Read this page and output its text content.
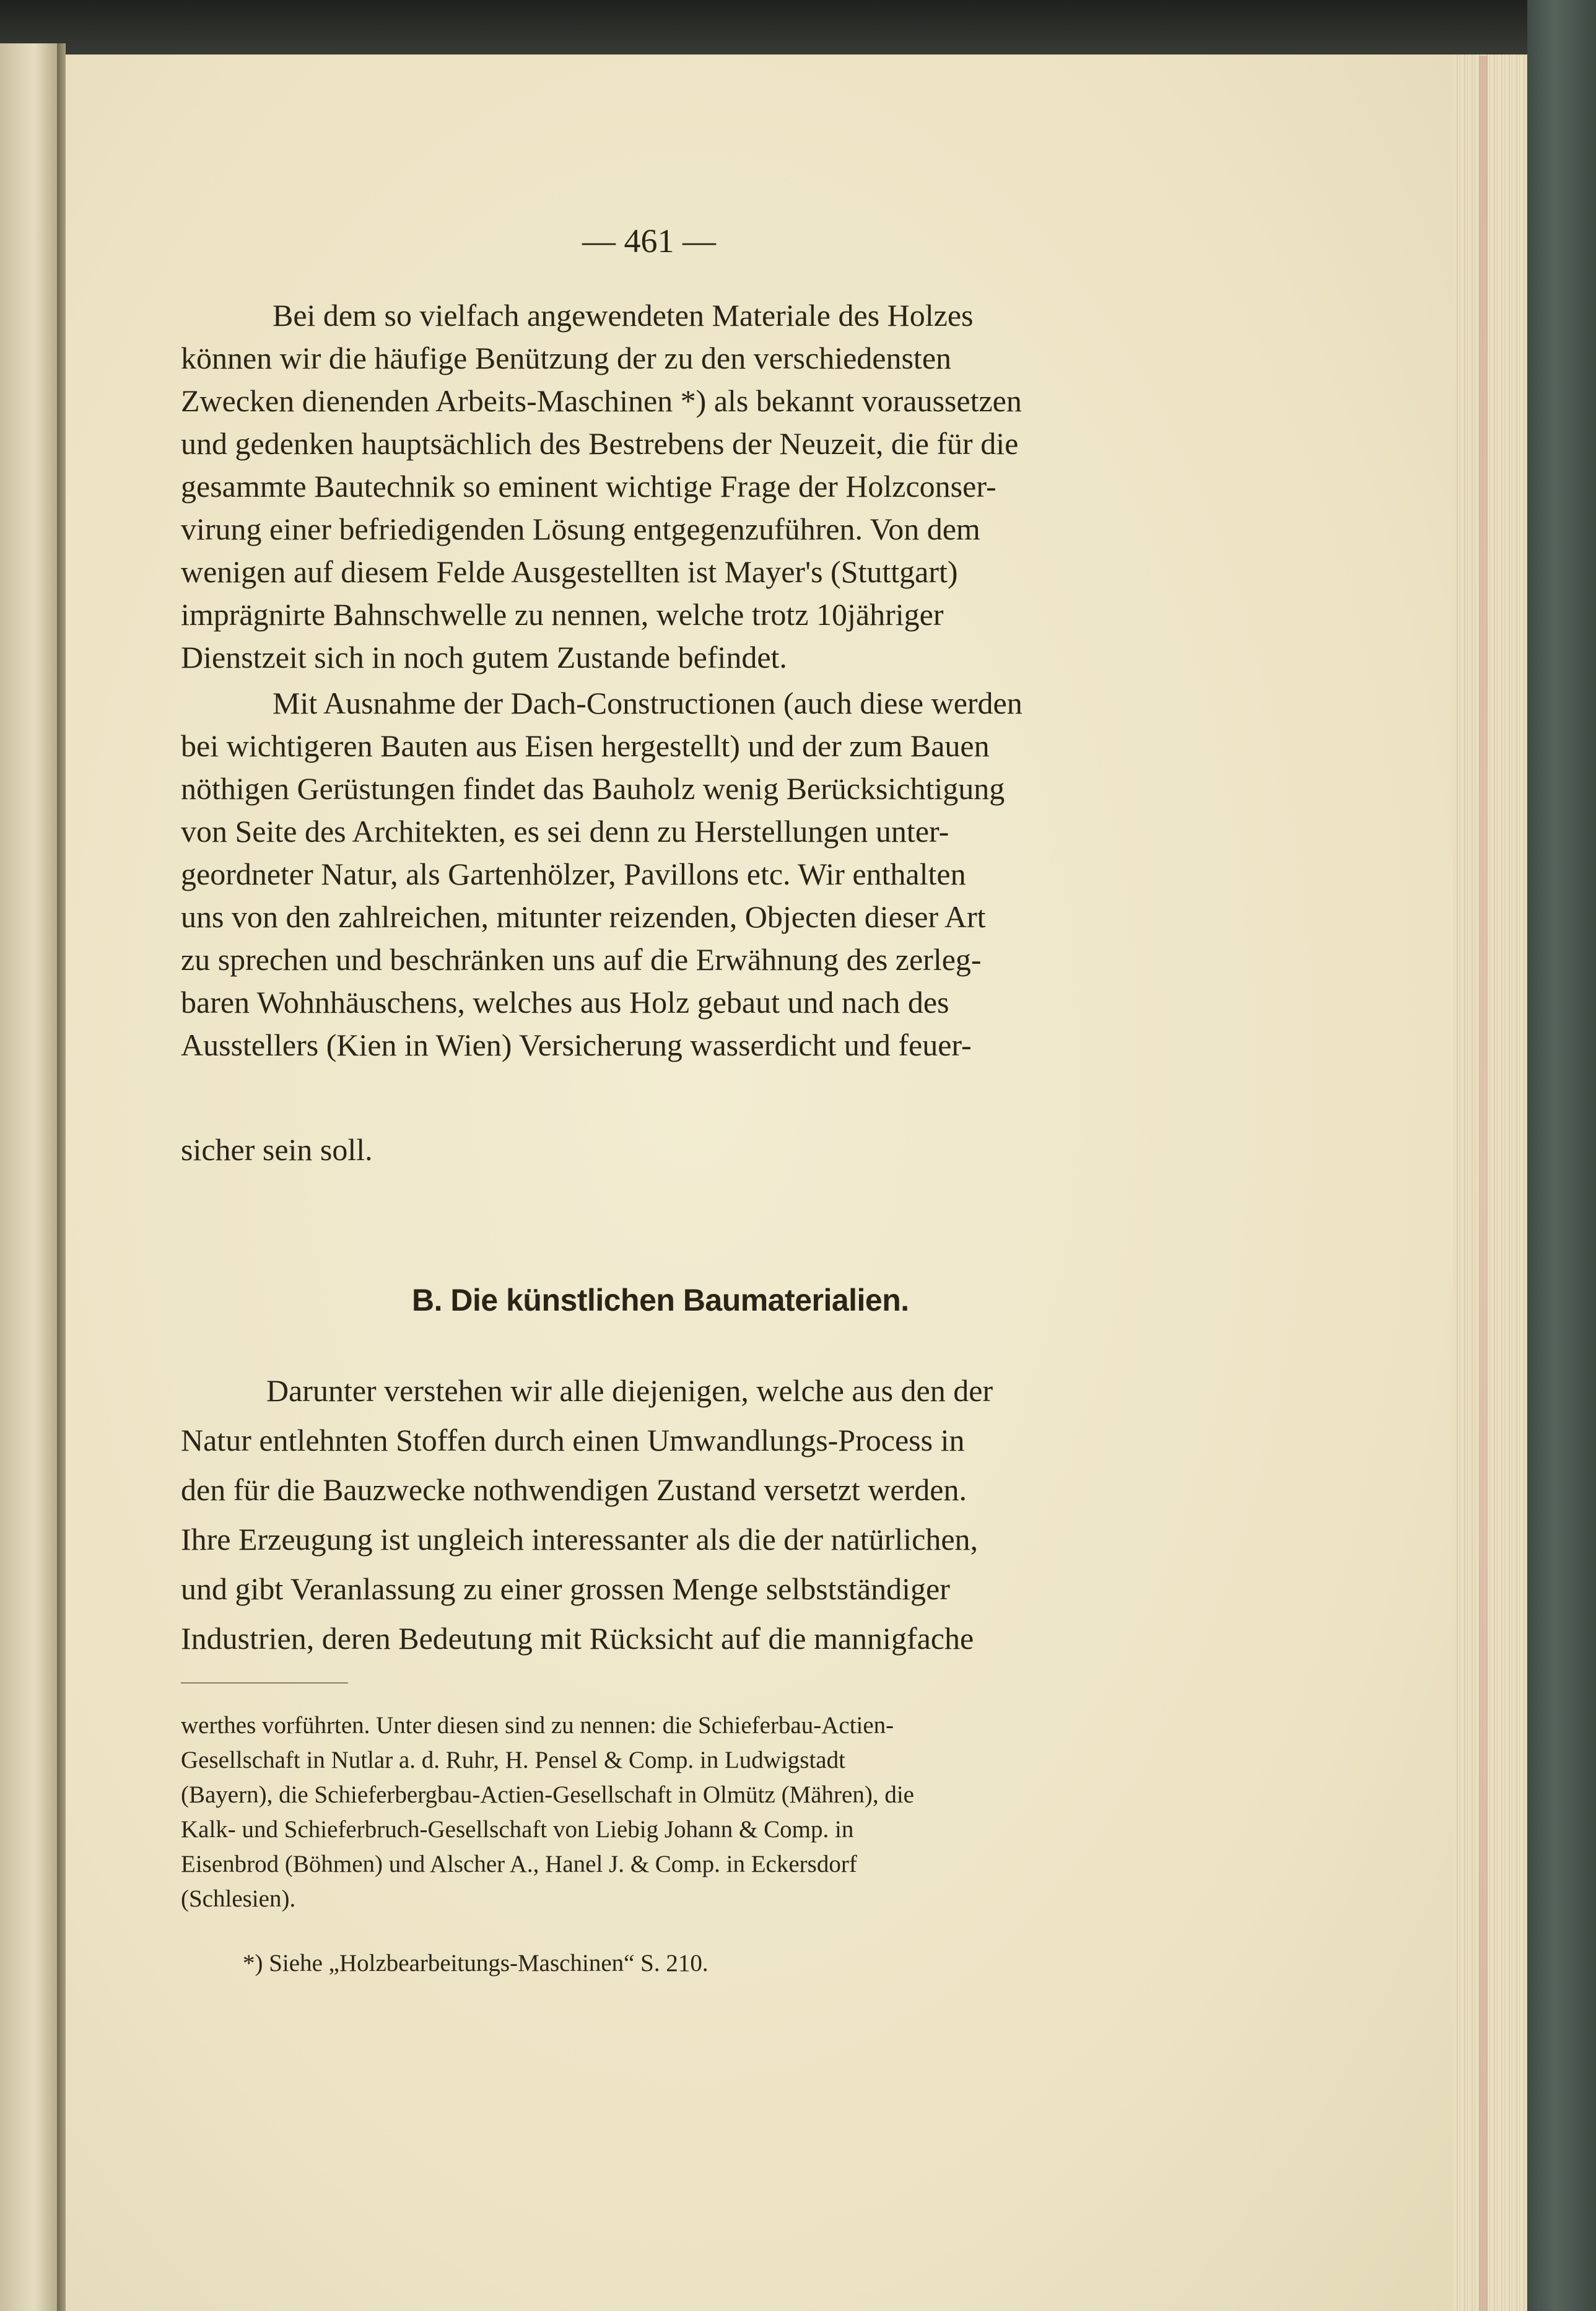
— 461 —
Bei dem so vielfach angewendeten Materiale des Holzes
können wir die häufige Benützung der zu den verschiedensten
Zwecken dienenden Arbeits-Maschinen *) als bekannt voraussetzen
und gedenken hauptsächlich des Bestrebens der Neuzeit, die für die
gesammte Bautechnik so eminent wichtige Frage der Holzconser-
virung einer befriedigenden Lösung entgegenzuführen. Von dem
wenigen auf diesem Felde Ausgestellten ist Mayer's (Stuttgart)
imprägnirte Bahnschwelle zu nennen, welche trotz 10jähriger
Dienstzeit sich in noch gutem Zustande befindet.
Mit Ausnahme der Dach-Constructionen (auch diese werden
bei wichtigeren Bauten aus Eisen hergestellt) und der zum Bauen
nöthigen Gerüstungen findet das Bauholz wenig Berücksichtigung
von Seite des Architekten, es sei denn zu Herstellungen unter-
geordneter Natur, als Gartenhölzer, Pavillons etc. Wir enthalten
uns von den zahlreichen, mitunter reizenden, Objecten dieser Art
zu sprechen und beschränken uns auf die Erwähnung des zerleg-
baren Wohnhäuschens, welches aus Holz gebaut und nach des
Ausstellers (Kien in Wien) Versicherung wasserdicht und feuer-
sicher sein soll.
B. Die künstlichen Baumaterialien.
Darunter verstehen wir alle diejenigen, welche aus den der
Natur entlehnten Stoffen durch einen Umwandlungs-Process in
den für die Bauzwecke nothwendigen Zustand versetzt werden.
Ihre Erzeugung ist ungleich interessanter als die der natürlichen,
und gibt Veranlassung zu einer grossen Menge selbstständiger
Industrien, deren Bedeutung mit Rücksicht auf die mannigfache
werthes vorführten. Unter diesen sind zu nennen: die Schieferbau-Actien-
Gesellschaft in Nutlar a. d. Ruhr, H. Pensel & Comp. in Ludwigstadt
(Bayern), die Schieferbergbau-Actien-Gesellschaft in Olmütz (Mähren), die
Kalk- und Schieferbruch-Gesellschaft von Liebig Johann & Comp. in
Eisenbrod (Böhmen) und Alscher A., Hanel J. & Comp. in Eckersdorf
(Schlesien).
*) Siehe „Holzbearbeitungs-Maschinen“ S. 210.
